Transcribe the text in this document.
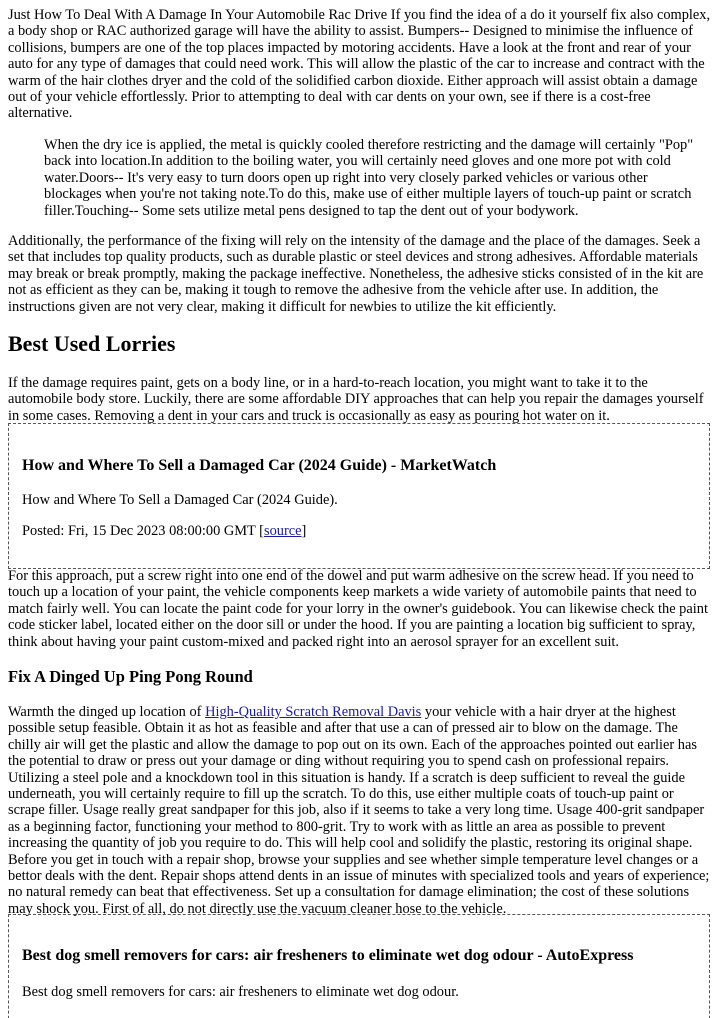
Just How To Deal With A Damage In Your Automobile Rac Drive If you find the idea of a do it yourself fix also complex, a body shop or RAC authorized garage will have the ability to assist. Bumpers-- Designed to minimise the influence of collisions, bumpers are one of the top places impacted by motoring accidents. Have a look at the front and rear of your auto for any type of damages that could need work. This will allow the plastic of the car to increase and contract with the warm of the hair clothes dryer and the cold of the solidified carbon dioxide. Either approach will assist obtain a damage out of your vehicle effortlessly. Prior to attempting to deal with car dents on your own, see if there is a cost-free alternative.

When the dry ice is applied, the metal is quickly cooled therefore restricting and the damage will certainly "Pop" back into location.In addition to the boiling water, you will certainly need gloves and one more pot with cold water.Doors-- It's very easy to turn doors open up right into very closely parked vehicles or various other blockages when you're not taking note.To do this, make use of either multiple layers of touch-up paint or scratch filler.Touching-- Some sets utilize metal pens designed to tap the dent out of your bodywork.

Additionally, the performance of the fixing will rely on the intensity of the damage and the place of the damages. Seek a set that includes top quality products, such as durable plastic or steel devices and strong adhesives. Affordable materials may break or break promptly, making the package ineffective. Nonetheless, the adhesive sticks consisted of in the kit are not as efficient as they can be, making it tough to remove the adhesive from the vehicle after use. In addition, the instructions given are not very clear, making it difficult for newbies to utilize the kit efficiently.

Best Used Lorries

If the damage requires paint, gets on a body line, or in a hard-to-reach location, you might want to take it to the automobile body store. Luckily, there are some affordable DIY approaches that can help you repair the damages yourself in some cases. Removing a dent in your cars and truck is occasionally as easy as pouring hot water on it.

How and Where To Sell a Damaged Car (2024 Guide) - MarketWatch

How and Where To Sell a Damaged Car (2024 Guide).

Posted: Fri, 15 Dec 2023 08:00:00 GMT [source]

For this approach, put a screw right into one end of the dowel and put warm adhesive on the screw head. If you need to touch up a location of your paint, the vehicle components keep markets a wide variety of automobile paints that need to match fairly well. You can locate the paint code for your lorry in the owner's guidebook. You can likewise check the paint code sticker label, located either on the door sill or under the hood. If you are painting a location big sufficient to spray, think about having your paint custom-mixed and packed right into an aerosol sprayer for an excellent suit.

Fix A Dinged Up Ping Pong Round

Warmth the dinged up location of High-Quality Scratch Removal Davis your vehicle with a hair dryer at the highest possible setup feasible. Obtain it as hot as feasible and after that use a can of pressed air to blow on the damage. The chilly air will get the plastic and allow the damage to pop out on its own. Each of the approaches pointed out earlier has the potential to draw or press out your damage or ding without requiring you to spend cash on professional repairs. Utilizing a steel pole and a knockdown tool in this situation is handy. If a scratch is deep sufficient to reveal the guide underneath, you will certainly require to fill up the scratch. To do this, use either multiple coats of touch-up paint or scrape filler. Usage really great sandpaper for this job, also if it seems to take a very long time. Usage 400-grit sandpaper as a beginning factor, functioning your method to 800-grit. Try to work with as little an area as possible to prevent increasing the quantity of job you require to do. This will help cool and solidify the plastic, restoring its original shape. Before you get in touch with a repair shop, browse your supplies and see whether simple temperature level changes or a bettor deals with the dent. Repair shops attend dents in an issue of minutes with specialized tools and years of experience; no natural remedy can beat that effectiveness. Set up a consultation for damage elimination; the cost of these solutions may shock you. First of all, do not directly use the vacuum cleaner hose to the vehicle.

Best dog smell removers for cars: air fresheners to eliminate wet dog odour - AutoExpress

Best dog smell removers for cars: air fresheners to eliminate wet dog odour.
